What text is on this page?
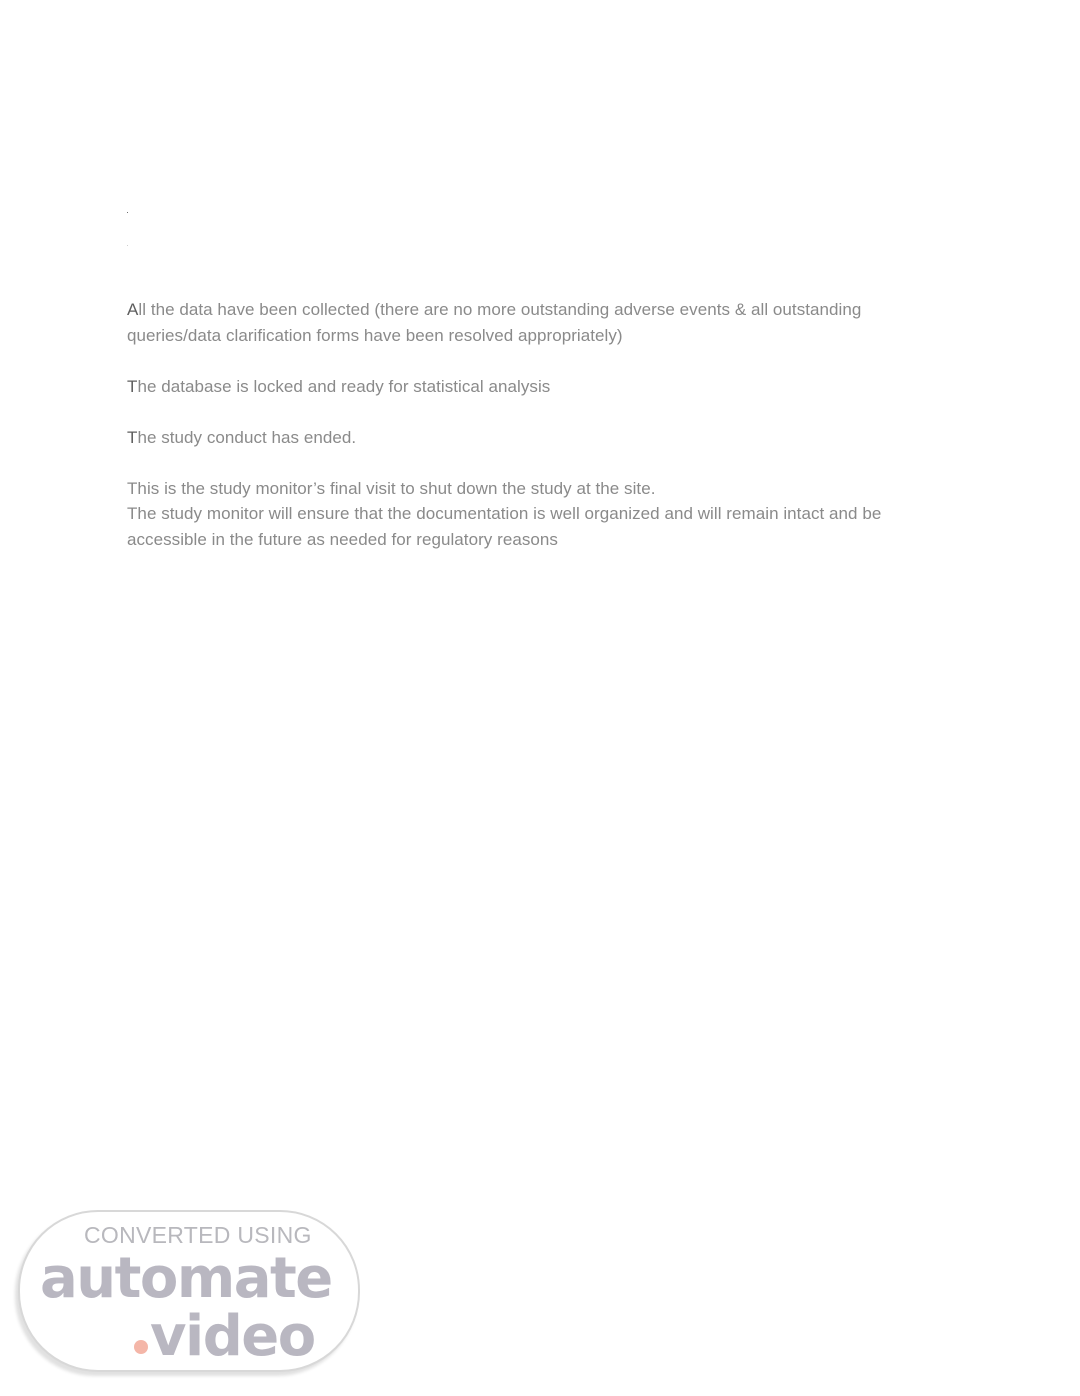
All the data have been collected (there are no more outstanding adverse events & all outstanding
queries/data clarification forms have been resolved appropriately)

The database is locked and ready for statistical analysis

The study conduct has ended.

This is the study monitor’s final visit to shut down the study at the site.
The study monitor will ensure that the documentation is well organized and will remain intact and be
accessible in the future as needed for regulatory reasons

CONVERTED USING
automate
video
